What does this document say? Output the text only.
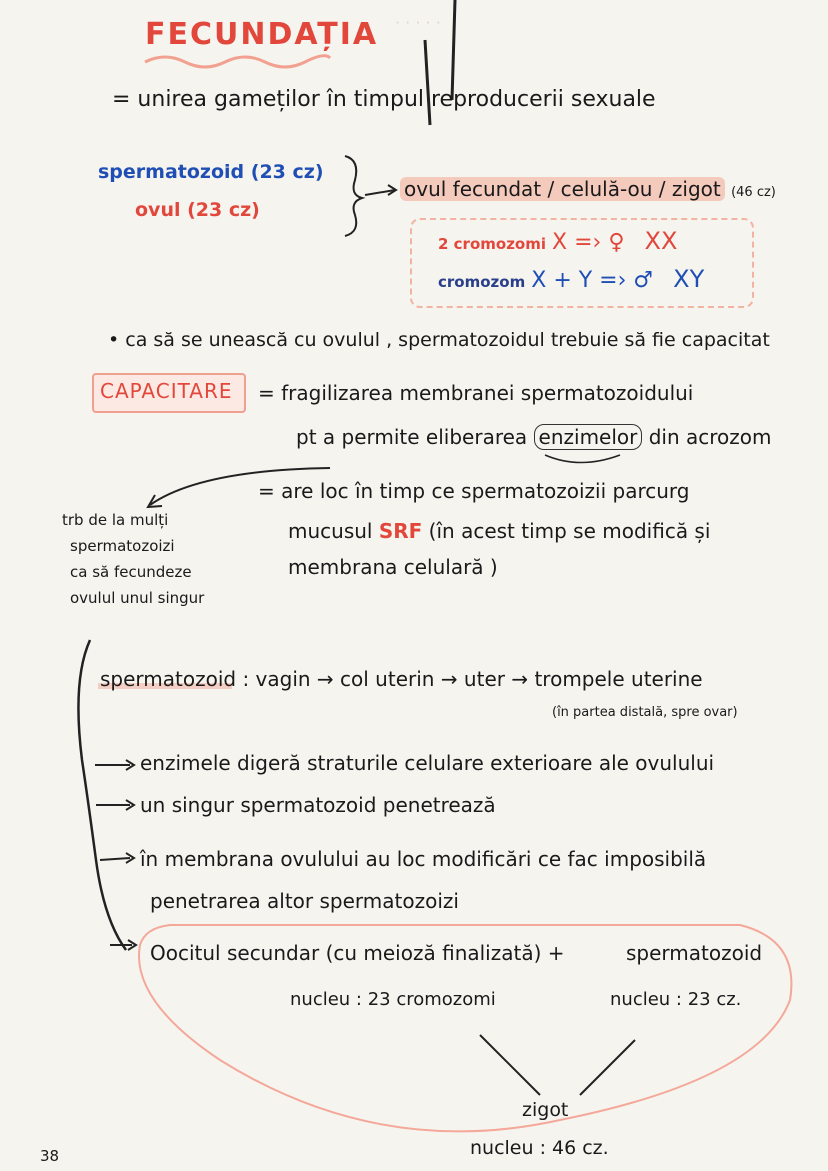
· · · · ·
FECUNDAȚIA
= unirea gameților în timpul reproducerii sexuale
spermatozoid (23 cz)
ovul (23 cz)
ovul fecundat / celulă-ou / zigot (46 cz)
2 cromozomi X =› ♀ XX
cromozom X + Y =› ♂ XY
• ca să se unească cu ovulul , spermatozoidul trebuie să fie capacitat
CAPACITARE = fragilizarea membranei spermatozoidului
pt a permite eliberarea enzimelor din acrozom
= are loc în timp ce spermatozoizii parcurg
mucusul SRF (în acest timp se modifică și
membrana celulară )
trb de la mulți
spermatozoizi
ca să fecundeze
ovulul unul singur
spermatozoid : vagin → col uterin → uter → trompele uterine
(în partea distală, spre ovar)
enzimele digeră straturile celulare exterioare ale ovulului
un singur spermatozoid penetrează
în membrana ovulului au loc modificări ce fac imposibilă
penetrarea altor spermatozoizi
Oocitul secundar (cu meioză finalizată) +	spermatozoid
nucleu : 23 cromozomi	nucleu : 23 cz.
zigot
nucleu : 46 cz.
38
